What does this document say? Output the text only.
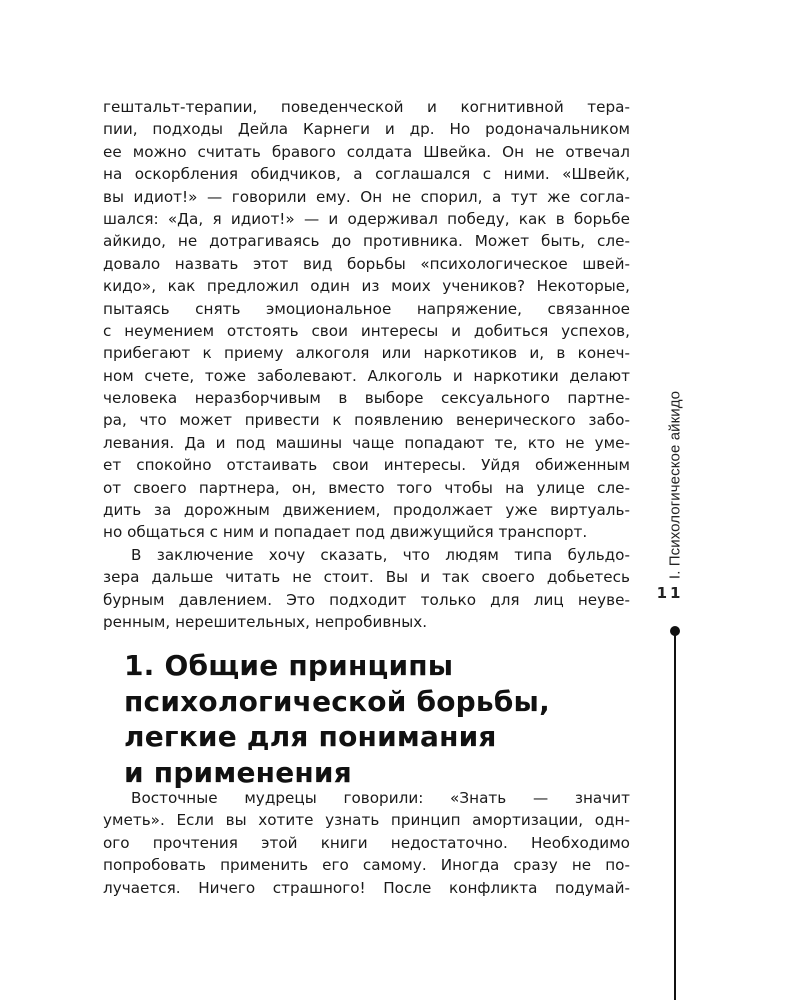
гештальт-терапии, поведенческой и когнитивной тера-
пии, подходы Дейла Карнеги и др. Но родоначальником
ее можно считать бравого солдата Швейка. Он не отвечал
на оскорбления обидчиков, а соглашался с ними. «Швейк,
вы идиот!» — говорили ему. Он не спорил, а тут же согла-
шался: «Да, я идиот!» — и одерживал победу, как в борьбе
айкидо, не дотрагиваясь до противника. Может быть, сле-
довало назвать этот вид борьбы «психологическое швей-
кидо», как предложил один из моих учеников? Некоторые,
пытаясь снять эмоциональное напряжение, связанное
с неумением отстоять свои интересы и добиться успехов,
прибегают к приему алкоголя или наркотиков и, в конеч-
ном счете, тоже заболевают. Алкоголь и наркотики делают
человека неразборчивым в выборе сексуального партне-
ра, что может привести к появлению венерического забо-
левания. Да и под машины чаще попадают те, кто не уме-
ет спокойно отстаивать свои интересы. Уйдя обиженным
от своего партнера, он, вместо того чтобы на улице сле-
дить за дорожным движением, продолжает уже виртуаль-
но общаться с ним и попадает под движущийся транспорт.
В заключение хочу сказать, что людям типа бульдо-
зера дальше читать не стоит. Вы и так своего добьетесь
бурным давлением. Это подходит только для лиц неуве-
ренным, нерешительных, непробивных.
1. Общие принципы
психологической борьбы,
легкие для понимания
и применения
Восточные мудрецы говорили: «Знать — значит
уметь». Если вы хотите узнать принцип амортизации, одн-
ого прочтения этой книги недостаточно. Необходимо
попробовать применить его самому. Иногда сразу не по-
лучается. Ничего страшного! После конфликта подумай-
I. Психологическое айкидо
11
